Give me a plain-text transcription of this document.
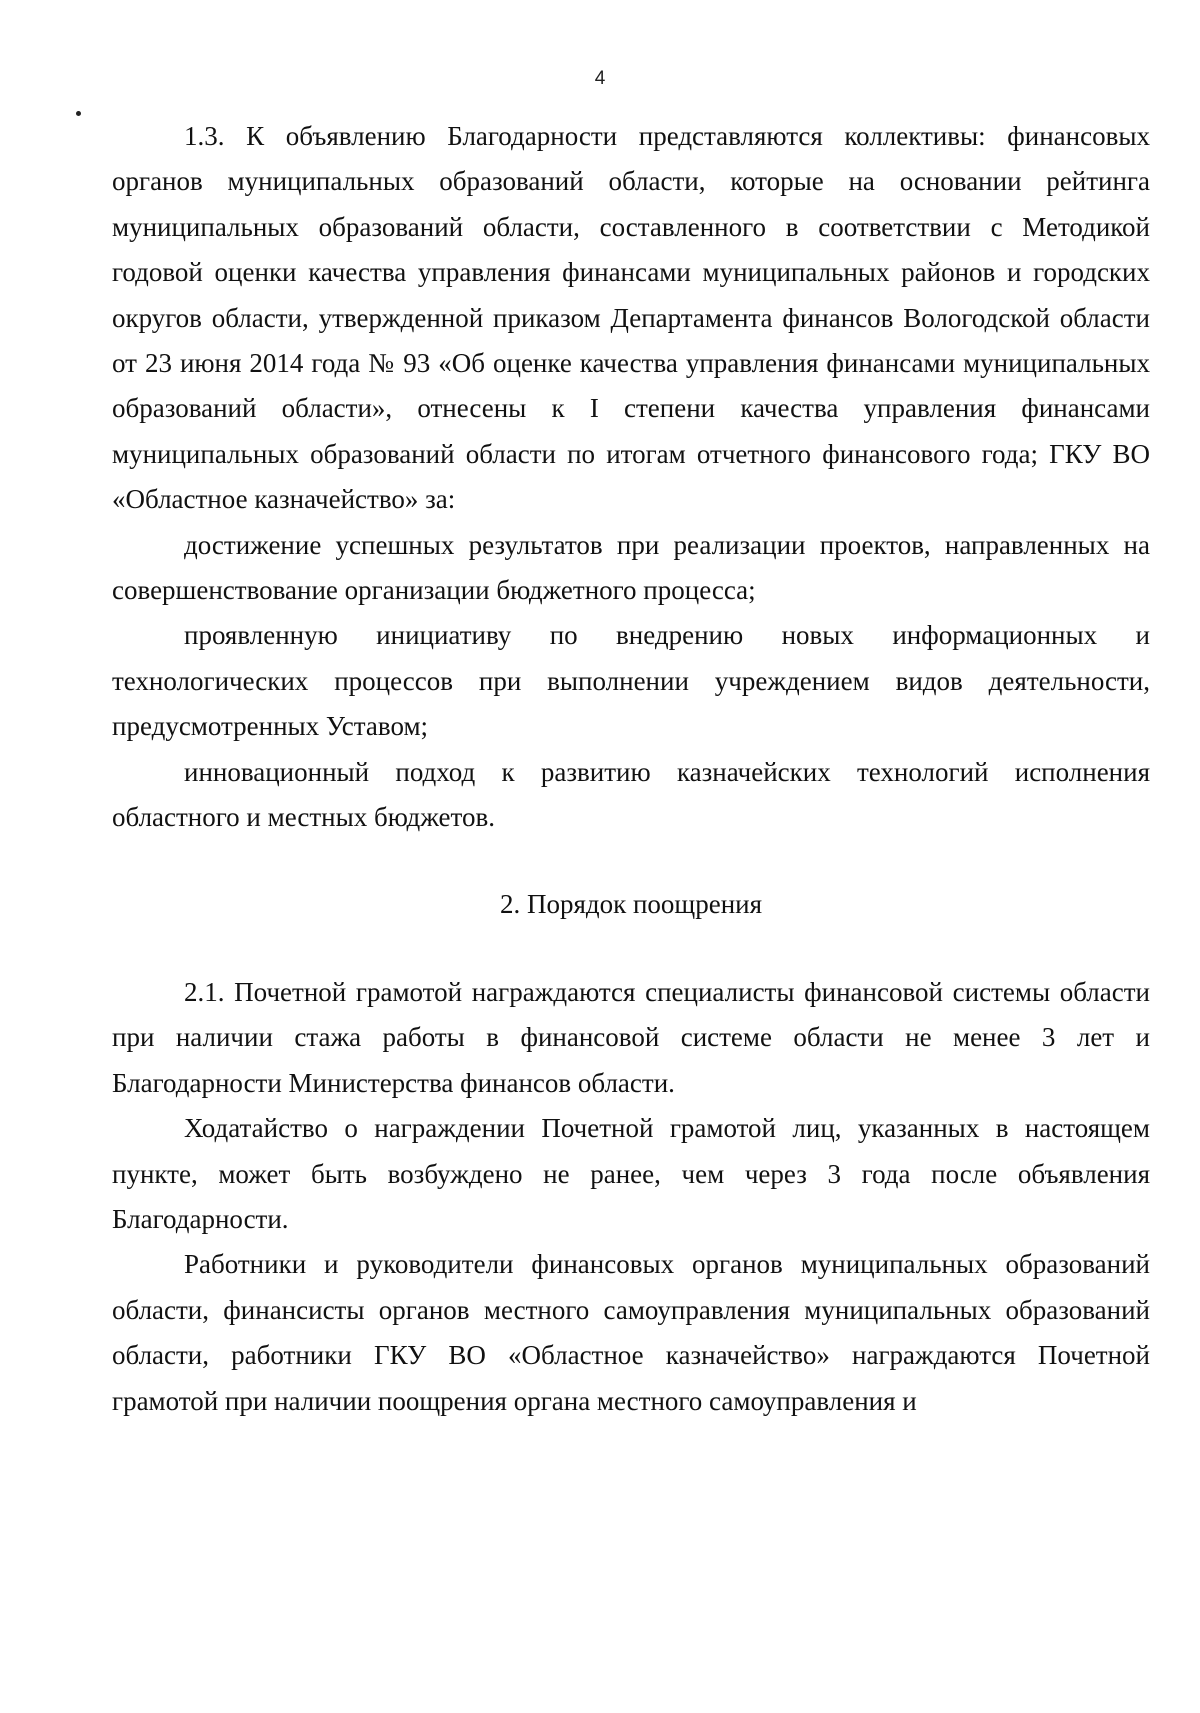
4

1.3. К объявлению Благодарности представляются коллективы: финансовых органов муниципальных образований области, которые на основании рейтинга муниципальных образований области, составленного в соответствии с Методикой годовой оценки качества управления финансами муниципальных районов и городских округов области, утвержденной приказом Департамента финансов Вологодской области от 23 июня 2014 года № 93 «Об оценке качества управления финансами муниципальных образований области», отнесены к I степени качества управления финансами муниципальных образований области по итогам отчетного финансового года; ГКУ ВО «Областное казначейство» за:

достижение успешных результатов при реализации проектов, направленных на совершенствование организации бюджетного процесса;

проявленную инициативу по внедрению новых информационных и технологических процессов при выполнении учреждением видов деятельности, предусмотренных Уставом;

инновационный подход к развитию казначейских технологий исполнения областного и местных бюджетов.

2. Порядок поощрения

2.1. Почетной грамотой награждаются специалисты финансовой системы области при наличии стажа работы в финансовой системе области не менее 3 лет и Благодарности Министерства финансов области.

Ходатайство о награждении Почетной грамотой лиц, указанных в настоящем пункте, может быть возбуждено не ранее, чем через 3 года после объявления Благодарности.

Работники и руководители финансовых органов муниципальных образований области, финансисты органов местного самоуправления муниципальных образований области, работники ГКУ ВО «Областное казначейство» награждаются Почетной грамотой при наличии поощрения органа местного самоуправления и
